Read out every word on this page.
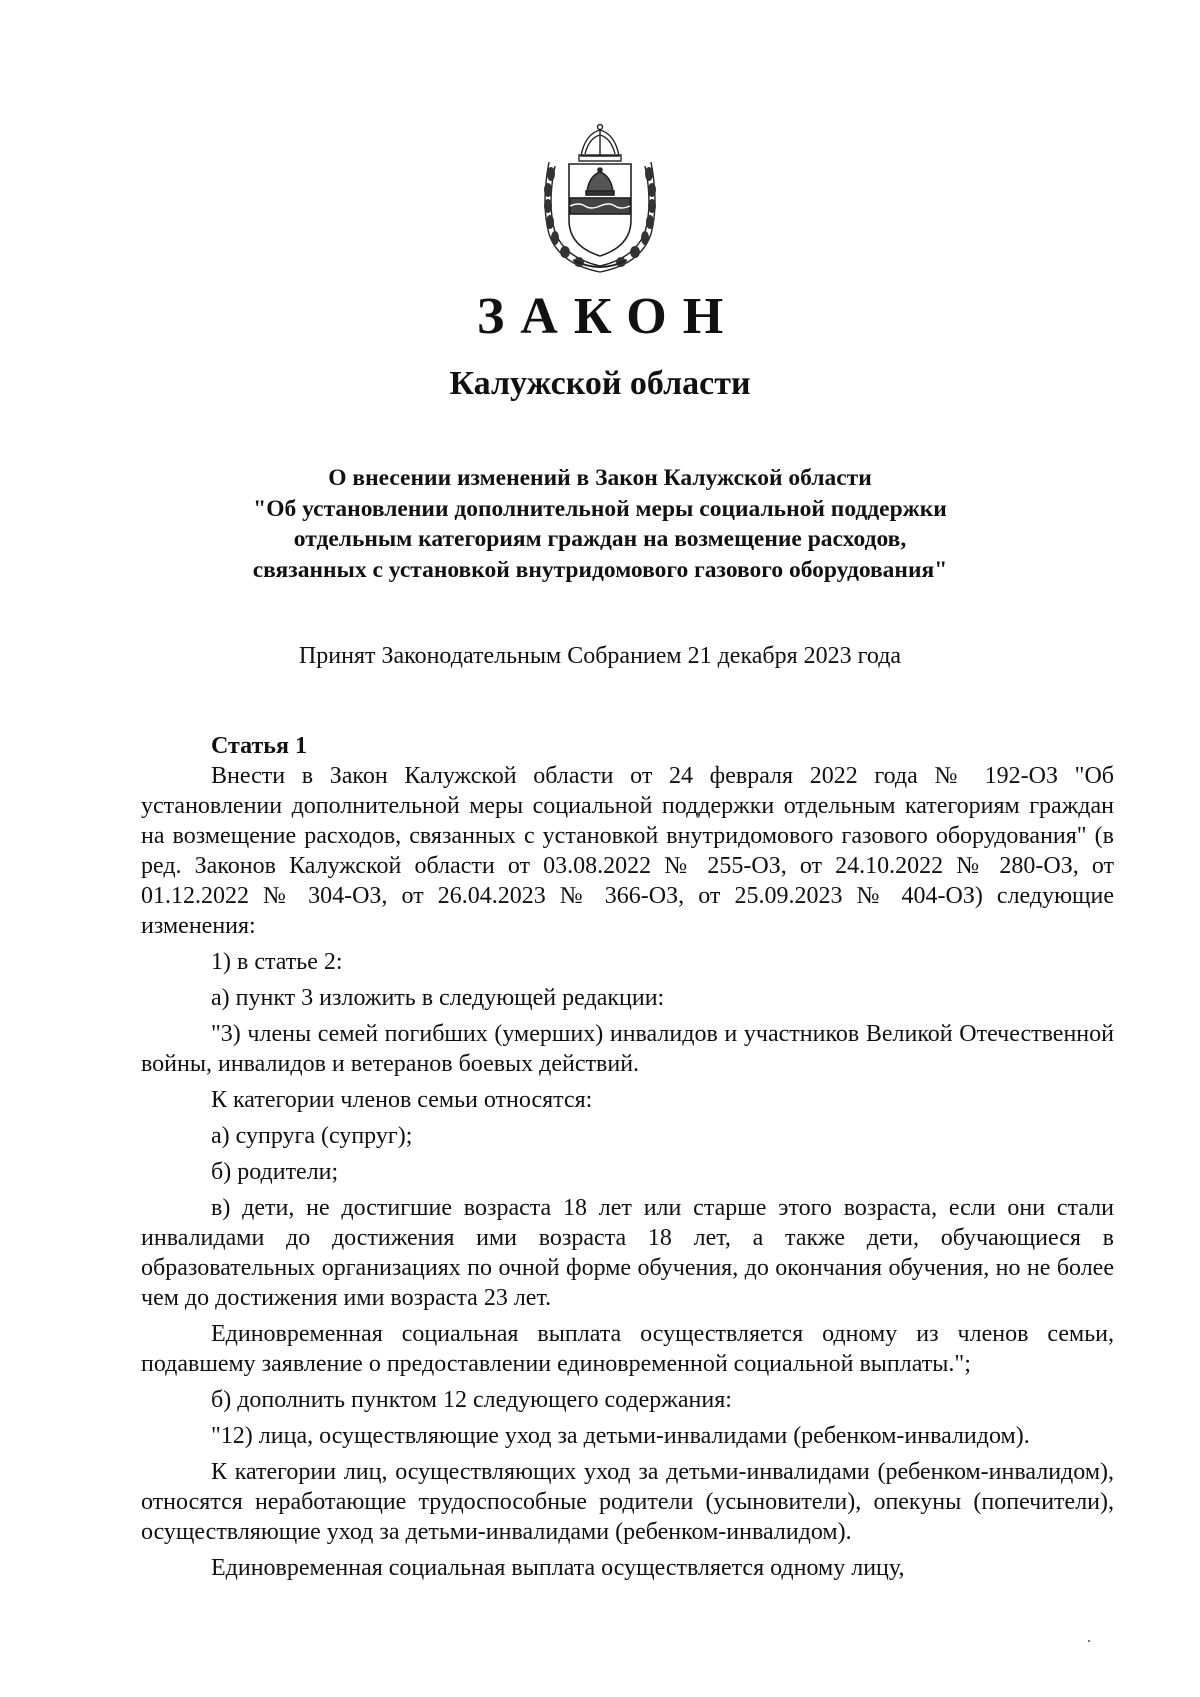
ЗАКОН
Калужской области
О внесении изменений в Закон Калужской области
"Об установлении дополнительной меры социальной поддержки
отдельным категориям граждан на возмещение расходов,
связанных с установкой внутридомового газового оборудования"
Принят Законодательным Собранием 21 декабря 2023 года

Статья 1

Внести в Закон Калужской области от 24 февраля 2022 года № 192-ОЗ "Об установлении дополнительной меры социальной поддержки отдельным категориям граждан на возмещение расходов, связанных с установкой внутридомового газового оборудования" (в ред. Законов Калужской области от 03.08.2022 № 255-ОЗ, от 24.10.2022 № 280-ОЗ, от 01.12.2022 № 304-ОЗ, от 26.04.2023 № 366-ОЗ, от 25.09.2023 № 404-ОЗ) следующие изменения:

1) в статье 2:

а) пункт 3 изложить в следующей редакции:

"3) члены семей погибших (умерших) инвалидов и участников Великой Отечественной войны, инвалидов и ветеранов боевых действий.

К категории членов семьи относятся:

а) супруга (супруг);

б) родители;

в) дети, не достигшие возраста 18 лет или старше этого возраста, если они стали инвалидами до достижения ими возраста 18 лет, а также дети, обучающиеся в образовательных организациях по очной форме обучения, до окончания обучения, но не более чем до достижения ими возраста 23 лет.

Единовременная социальная выплата осуществляется одному из членов семьи, подавшему заявление о предоставлении единовременной социальной выплаты.";

б) дополнить пунктом 12 следующего содержания:

"12) лица, осуществляющие уход за детьми-инвалидами (ребенком-инвалидом).

К категории лиц, осуществляющих уход за детьми-инвалидами (ребенком-инвалидом), относятся неработающие трудоспособные родители (усыновители), опекуны (попечители), осуществляющие уход за детьми-инвалидами (ребенком-инвалидом).

Единовременная социальная выплата осуществляется одному лицу,
